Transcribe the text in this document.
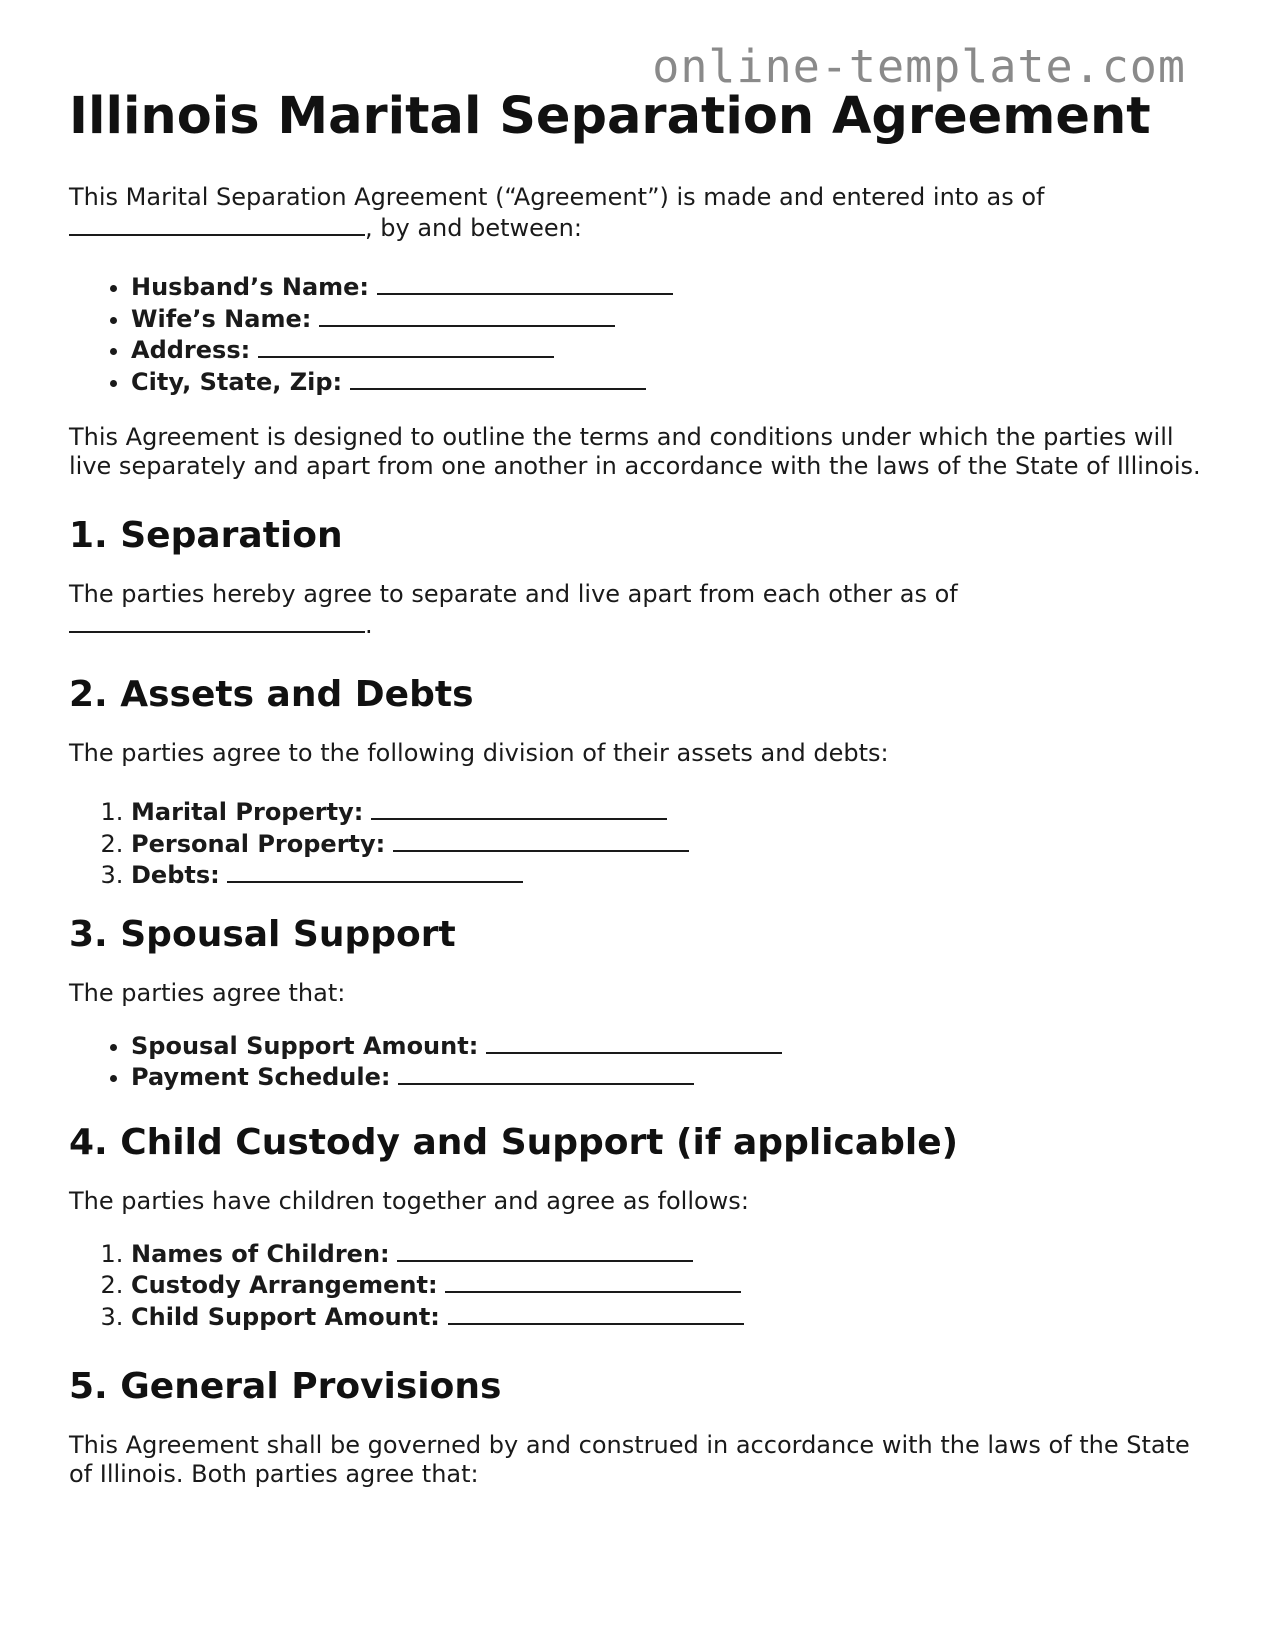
online-template.com
Illinois Marital Separation Agreement

This Marital Separation Agreement (“Agreement”) is made and entered into as of
, by and between:

• Husband’s Name:
• Wife’s Name:
• Address:
• City, State, Zip:

This Agreement is designed to outline the terms and conditions under which the parties will live separately and apart from one another in accordance with the laws of the State of Illinois.

1. Separation

The parties hereby agree to separate and live apart from each other as of
.

2. Assets and Debts

The parties agree to the following division of their assets and debts:

1. Marital Property:
2. Personal Property:
3. Debts:
3. Spousal Support

The parties agree that:

• Spousal Support Amount:
• Payment Schedule:
4. Child Custody and Support (if applicable)

The parties have children together and agree as follows:

1. Names of Children:
2. Custody Arrangement:
3. Child Support Amount:
5. General Provisions

This Agreement shall be governed by and construed in accordance with the laws of the State of Illinois. Both parties agree that:
